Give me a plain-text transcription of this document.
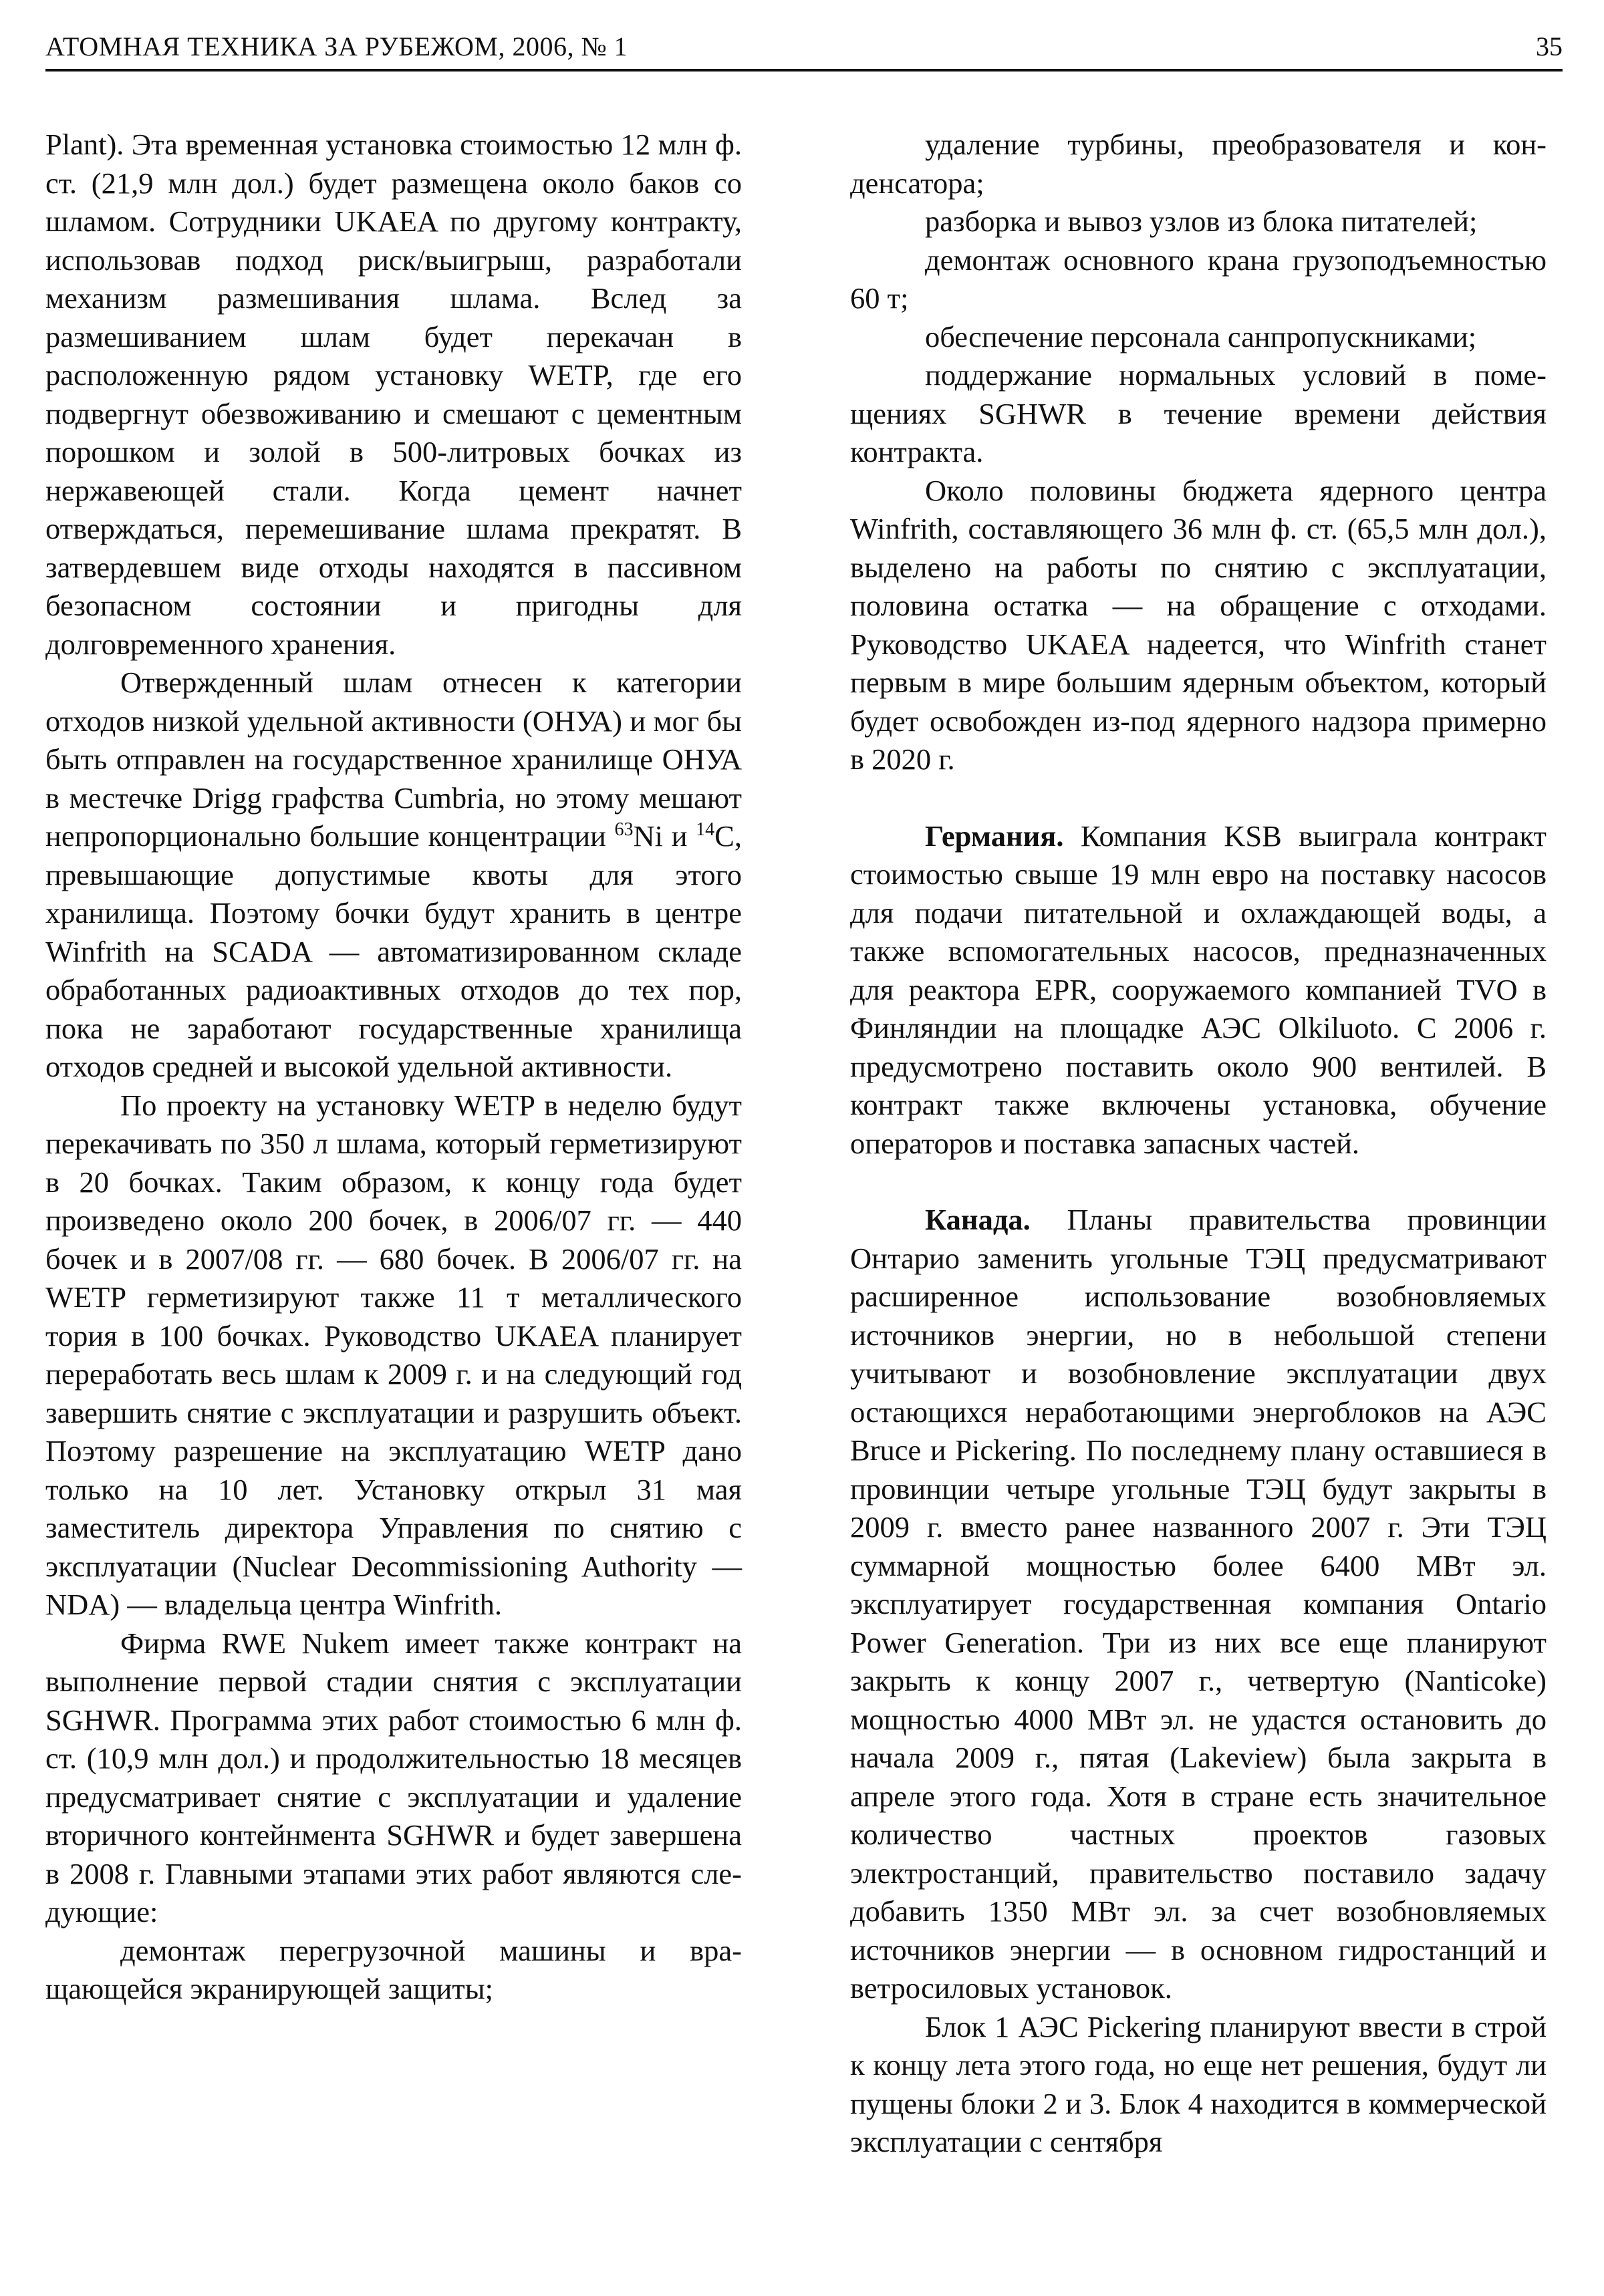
АТОМНАЯ ТЕХНИКА ЗА РУБЕЖОМ, 2006, № 1	35

Plant). Эта временная установка стоимостью 12 млн ф. ст. (21,9 млн дол.) будет размещена около баков со шламом. Сотрудники UKAEA по другому контракту, использовав подход риск/выигрыш, разработали механизм размешивания шлама. Вслед за размешиванием шлам будет перекачан в расположенную рядом установку WETP, где его подвергнут обезвоживанию и смешают с цементным порошком и золой в 500-литровых бочках из нержавеющей стали. Когда цемент начнет отверждаться, перемешивание шлама прекратят. В затвердевшем виде отходы находятся в пассивном безопасном состоянии и пригодны для долговременного хранения.

Отвержденный шлам отнесен к категории отходов низкой удельной активности (ОНУА) и мог бы быть отправлен на государственное хранилище ОНУА в местечке Drigg графства Cumbria, но этому мешают непропорционально большие концентрации $^{63}$Ni и $^{14}$C, превышающие допустимые квоты для этого хранилища. Поэтому бочки будут хранить в центре Winfrith на SCADA — автоматизированном складе обработанных радиоактивных отходов до тех пор, пока не заработают государственные хранилища отходов средней и высокой удельной активности.

По проекту на установку WETP в неделю будут перекачивать по 350 л шлама, который герметизируют в 20 бочках. Таким образом, к концу года будет произведено около 200 бочек, в 2006/07 гг. — 440 бочек и в 2007/08 гг. — 680 бочек. В 2006/07 гг. на WETP герметизируют также 11 т металлического тория в 100 бочках. Руководство UKAEA планирует переработать весь шлам к 2009 г. и на следующий год завершить снятие с эксплуатации и разрушить объект. Поэтому разрешение на эксплуатацию WETP дано только на 10 лет. Установку открыл 31 мая заместитель директора Управления по снятию с эксплуатации (Nuclear Decommissioning Authority — NDA) — владельца центра Winfrith.

Фирма RWE Nukem имеет также контракт на выполнение первой стадии снятия с эксплуатации SGHWR. Программа этих работ стоимостью 6 млн ф. ст. (10,9 млн дол.) и продолжительностью 18 месяцев предусматривает снятие с эксплуатации и удаление вторичного контейнмента SGHWR и будет завершена в 2008 г. Главными этапами этих работ являются следующие:

демонтаж перегрузочной машины и вращающейся экранирующей защиты;

удаление турбины, преобразователя и конденсатора;

разборка и вывоз узлов из блока питателей;

демонтаж основного крана грузоподъемностью 60 т;

обеспечение персонала санпропускниками;

поддержание нормальных условий в помещениях SGHWR в течение времени действия контракта.

Около половины бюджета ядерного центра Winfrith, составляющего 36 млн ф. ст. (65,5 млн дол.), выделено на работы по снятию с эксплуатации, половина остатка — на обращение с отходами. Руководство UKAEA надеется, что Winfrith станет первым в мире большим ядерным объектом, который будет освобожден из-под ядерного надзора примерно в 2020 г.

Германия. Компания KSB выиграла контракт стоимостью свыше 19 млн евро на поставку насосов для подачи питательной и охлаждающей воды, а также вспомогательных насосов, предназначенных для реактора EPR, сооружаемого компанией TVO в Финляндии на площадке АЭС Olkiluoto. С 2006 г. предусмотрено поставить около 900 вентилей. В контракт также включены установка, обучение операторов и поставка запасных частей.

Канада. Планы правительства провинции Онтарио заменить угольные ТЭЦ предусматривают расширенное использование возобновляемых источников энергии, но в небольшой степени учитывают и возобновление эксплуатации двух остающихся неработающими энергоблоков на АЭС Bruce и Pickering. По последнему плану оставшиеся в провинции четыре угольные ТЭЦ будут закрыты в 2009 г. вместо ранее названного 2007 г. Эти ТЭЦ суммарной мощностью более 6400 МВт эл. эксплуатирует государственная компания Ontario Power Generation. Три из них все еще планируют закрыть к концу 2007 г., четвертую (Nanticoke) мощностью 4000 МВт эл. не удастся остановить до начала 2009 г., пятая (Lakeview) была закрыта в апреле этого года. Хотя в стране есть значительное количество частных проектов газовых электростанций, правительство поставило задачу добавить 1350 МВт эл. за счет возобновляемых источников энергии — в основном гидростанций и ветросиловых установок.

Блок 1 АЭС Pickering планируют ввести в строй к концу лета этого года, но еще нет решения, будут ли пущены блоки 2 и 3. Блок 4 находится в коммерческой эксплуатации с сентября
